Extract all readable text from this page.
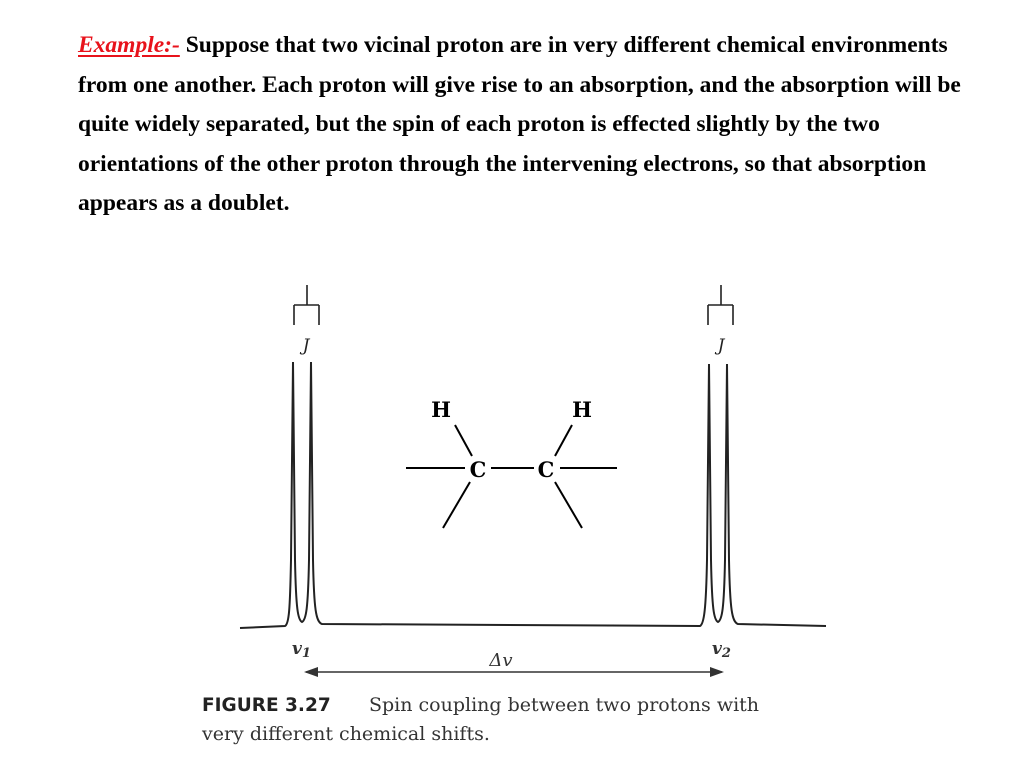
Example:- Suppose that two vicinal proton are in very different chemical environments from one another. Each proton will give rise to an absorption, and the absorption will be quite widely separated, but the spin of each proton is effected slightly by the two orientations of the other proton through the intervening electrons, so that absorption appears as a doublet.
J	J
H	H
C C
v1	v2
Δv
FIGURE 3.27 Spin coupling between two protons with
very different chemical shifts.
